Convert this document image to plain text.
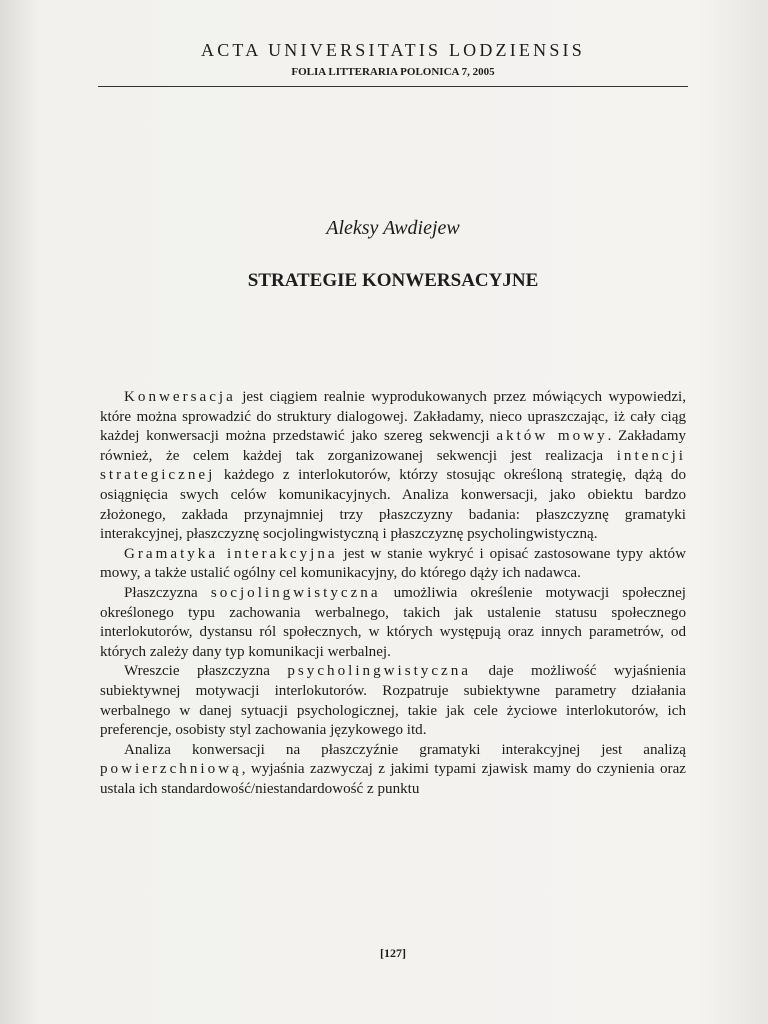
ACTA UNIVERSITATIS LODZIENSIS
FOLIA LITTERARIA POLONICA 7, 2005
Aleksy Awdiejew
STRATEGIE KONWERSACYJNE

Konwersacja jest ciągiem realnie wyprodukowanych przez mówiących wypowiedzi, które można sprowadzić do struktury dialogowej. Zakładamy, nieco upraszczając, iż cały ciąg każdej konwersacji można przedstawić jako szereg sekwencji aktów mowy. Zakładamy również, że celem każdej tak zorganizowanej sekwencji jest realizacja intencji strategicznej każdego z interlokutorów, którzy stosując określoną strategię, dążą do osiągnięcia swych celów komunikacyjnych. Analiza konwersacji, jako obiektu bardzo złożonego, zakłada przynajmniej trzy płaszczyzny badania: płaszczyznę gramatyki interakcyjnej, płaszczyznę socjolingwistyczną i płaszczyznę psycholingwistyczną.

Gramatyka interakcyjna jest w stanie wykryć i opisać zastosowane typy aktów mowy, a także ustalić ogólny cel komunikacyjny, do którego dąży ich nadawca.

Płaszczyzna socjolingwistyczna umożliwia określenie motywacji społecznej określonego typu zachowania werbalnego, takich jak ustalenie statusu społecznego interlokutorów, dystansu ról społecznych, w których występują oraz innych parametrów, od których zależy dany typ komunikacji werbalnej.

Wreszcie płaszczyzna psycholingwistyczna daje możliwość wyjaśnienia subiektywnej motywacji interlokutorów. Rozpatruje subiektywne parametry działania werbalnego w danej sytuacji psychologicznej, takie jak cele życiowe interlokutorów, ich preferencje, osobisty styl zachowania językowego itd.

Analiza konwersacji na płaszczyźnie gramatyki interakcyjnej jest analizą powierzchniową, wyjaśnia zazwyczaj z jakimi typami zjawisk mamy do czynienia oraz ustala ich standardowość/niestandardowość z punktu

[127]
